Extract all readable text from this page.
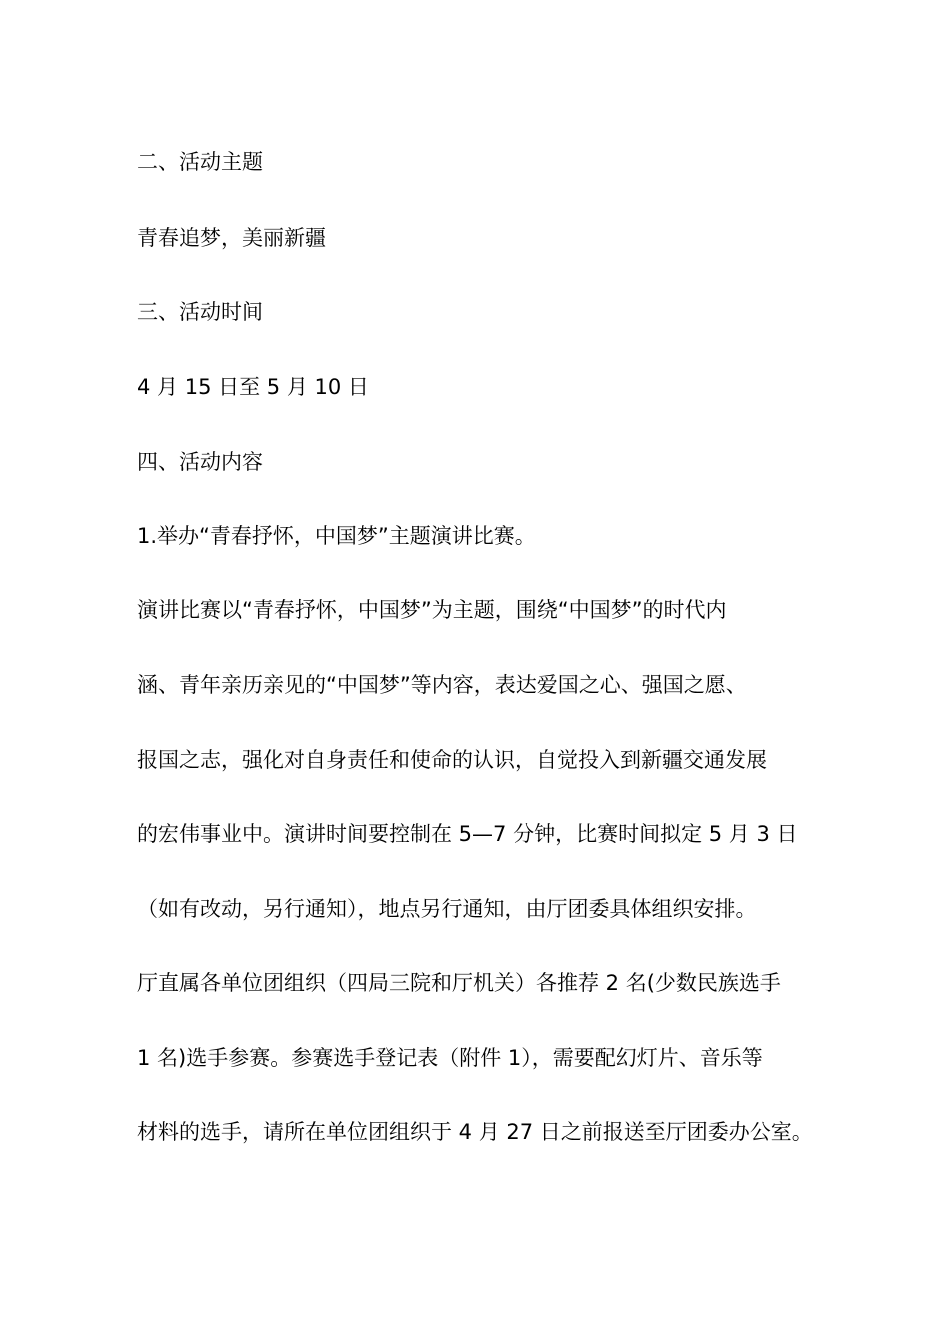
二、活动主题
青春追梦，美丽新疆
三、活动时间
4 月 15 日至 5 月 10 日
四、活动内容
1.举办“青春抒怀，中国梦”主题演讲比赛。
演讲比赛以“青春抒怀，中国梦”为主题，围绕“中国梦”的时代内
涵、青年亲历亲见的“中国梦”等内容，表达爱国之心、强国之愿、
报国之志，强化对自身责任和使命的认识，自觉投入到新疆交通发展
的宏伟事业中。演讲时间要控制在 5—7 分钟，比赛时间拟定 5 月 3 日
（如有改动，另行通知），地点另行通知，由厅团委具体组织安排。
厅直属各单位团组织（四局三院和厅机关）各推荐 2 名(少数民族选手
1 名)选手参赛。参赛选手登记表（附件 1），需要配幻灯片、音乐等
材料的选手，请所在单位团组织于 4 月 27 日之前报送至厅团委办公室。
